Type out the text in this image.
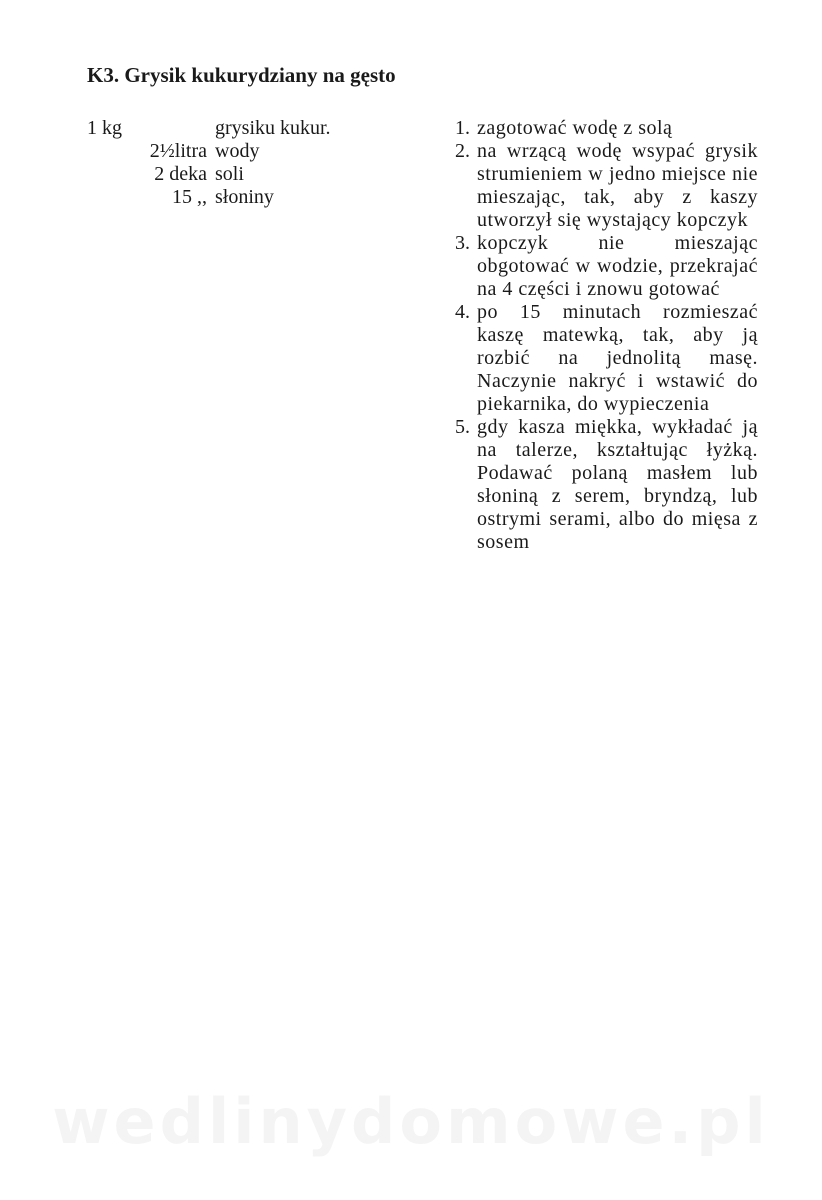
K3. Grysik kukurydziany na gęsto
1 kg	grysiku kukur.
2½litra wody
2 deka soli
15 ,, słoniny
1. zagotować wodę z solą
2. na wrzącą wodę wsypać grysik strumieniem w jedno miejsce nie mieszając, tak, aby z kaszy utworzył się wystający kopczyk
3. kopczyk nie mieszając obgotować w wodzie, przekrajać na 4 części i znowu gotować
4. po 15 minutach rozmieszać kaszę matewką, tak, aby ją rozbić na jednolitą masę. Naczynie nakryć i wstawić do piekarnika, do wypieczenia
5. gdy kasza miękka, wykładać ją na talerze, kształtując łyżką. Podawać polaną masłem lub słoniną z serem, bryndzą, lub ostrymi serami, albo do mięsa z sosem
wedlinydomowe.pl
